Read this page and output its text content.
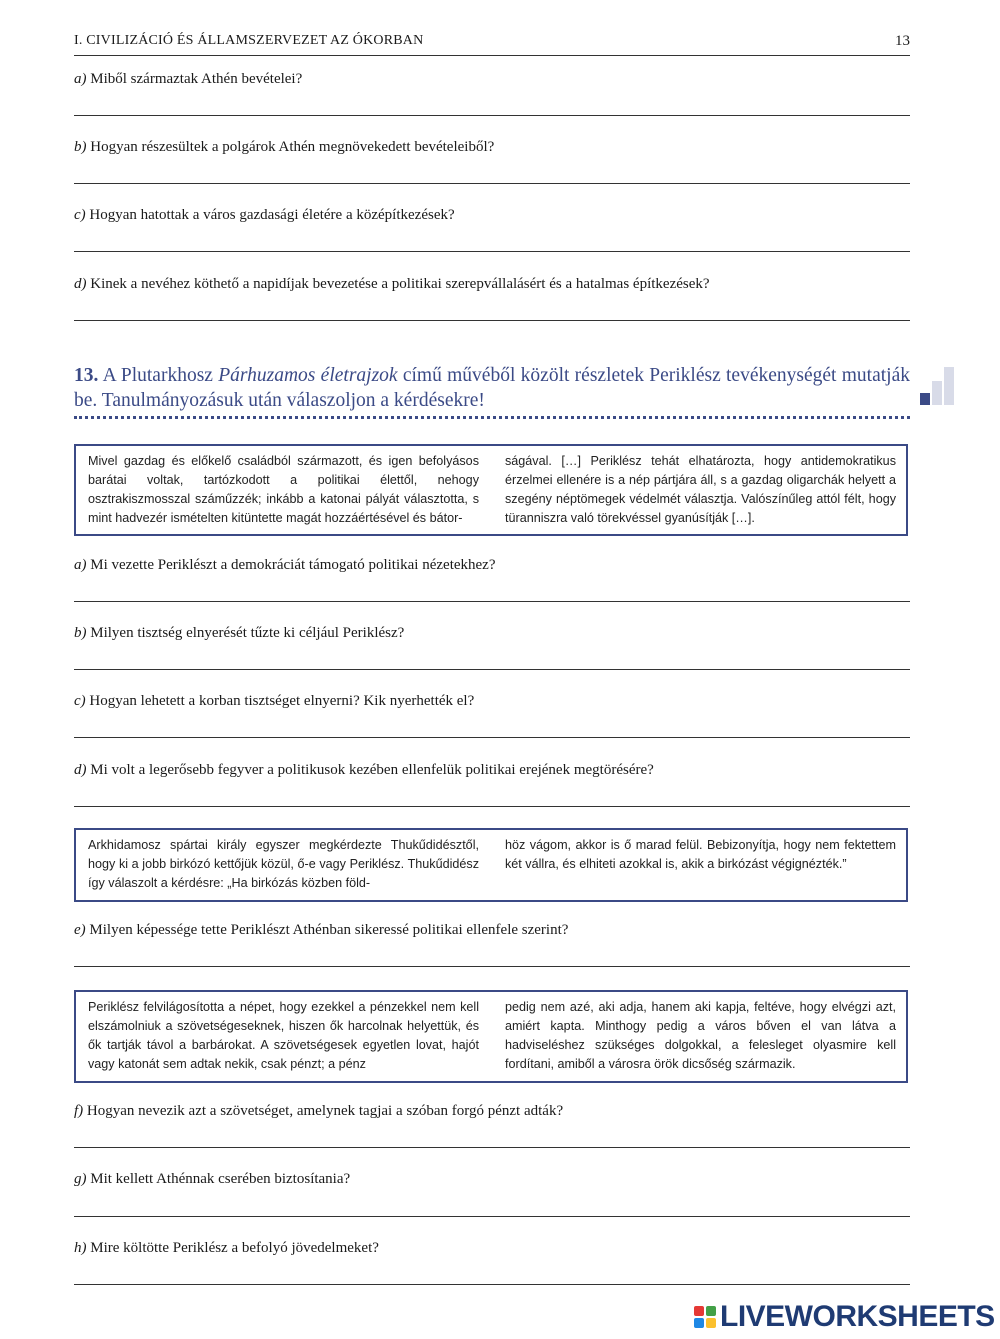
I. CIVILIZÁCIÓ ÉS ÁLLAMSZERVEZET AZ ÓKORBAN	13
a) Miből származtak Athén bevételei?
b) Hogyan részesültek a polgárok Athén megnövekedett bevételeiből?
c) Hogyan hatottak a város gazdasági életére a középítkezések?
d) Kinek a nevéhez köthető a napidíjak bevezetése a politikai szerepvállalásért és a hatalmas építkezések?
13. A Plutarkhosz Párhuzamos életrajzok című művéből közölt részletek Periklész tevékenységét mutatják be. Tanulmányozásuk után válaszoljon a kérdésekre!
Mivel gazdag és előkelő családból származott, és igen befolyásos barátai voltak, tartózkodott a politikai élettől, nehogy osztrakiszmosszal száműzzék; inkább a katonai pályát választotta, s mint hadvezér ismételten kitüntette magát hozzáértésével és bátor-
ságával. […] Periklész tehát elhatározta, hogy antidemokratikus érzelmei ellenére is a nép pártjára áll, s a gazdag oligarchák helyett a szegény néptömegek védelmét választja. Valószínűleg attól félt, hogy türanniszra való törekvéssel gyanúsítják […].
a) Mi vezette Periklészt a demokráciát támogató politikai nézetekhez?
b) Milyen tisztség elnyerését tűzte ki céljául Periklész?
c) Hogyan lehetett a korban tisztséget elnyerni? Kik nyerhették el?
d) Mi volt a legerősebb fegyver a politikusok kezében ellenfelük politikai erejének megtörésére?
Arkhidamosz spártai király egyszer megkérdezte Thukűdidésztől, hogy ki a jobb birkózó kettőjük közül, ő-e vagy Periklész. Thukűdidész így válaszolt a kérdésre: „Ha birkózás közben föld-
höz vágom, akkor is ő marad felül. Bebizonyítja, hogy nem fektettem két vállra, és elhiteti azokkal is, akik a birkózást végignézték.”
e) Milyen képessége tette Periklészt Athénban sikeressé politikai ellenfele szerint?
Periklész felvilágosította a népet, hogy ezekkel a pénzekkel nem kell elszámolniuk a szövetségeseknek, hiszen ők harcolnak helyettük, és ők tartják távol a barbárokat. A szövetségesek egyetlen lovat, hajót vagy katonát sem adtak nekik, csak pénzt; a pénz
pedig nem azé, aki adja, hanem aki kapja, feltéve, hogy elvégzi azt, amiért kapta. Minthogy pedig a város bőven el van látva a hadviseléshez szükséges dolgokkal, a felesleget olyasmire kell fordítani, amiből a városra örök dicsőség származik.
f) Hogyan nevezik azt a szövetséget, amelynek tagjai a szóban forgó pénzt adták?
g) Mit kellett Athénnak cserében biztosítania?
h) Mire költötte Periklész a befolyó jövedelmeket?
LIVEWORKSHEETS
